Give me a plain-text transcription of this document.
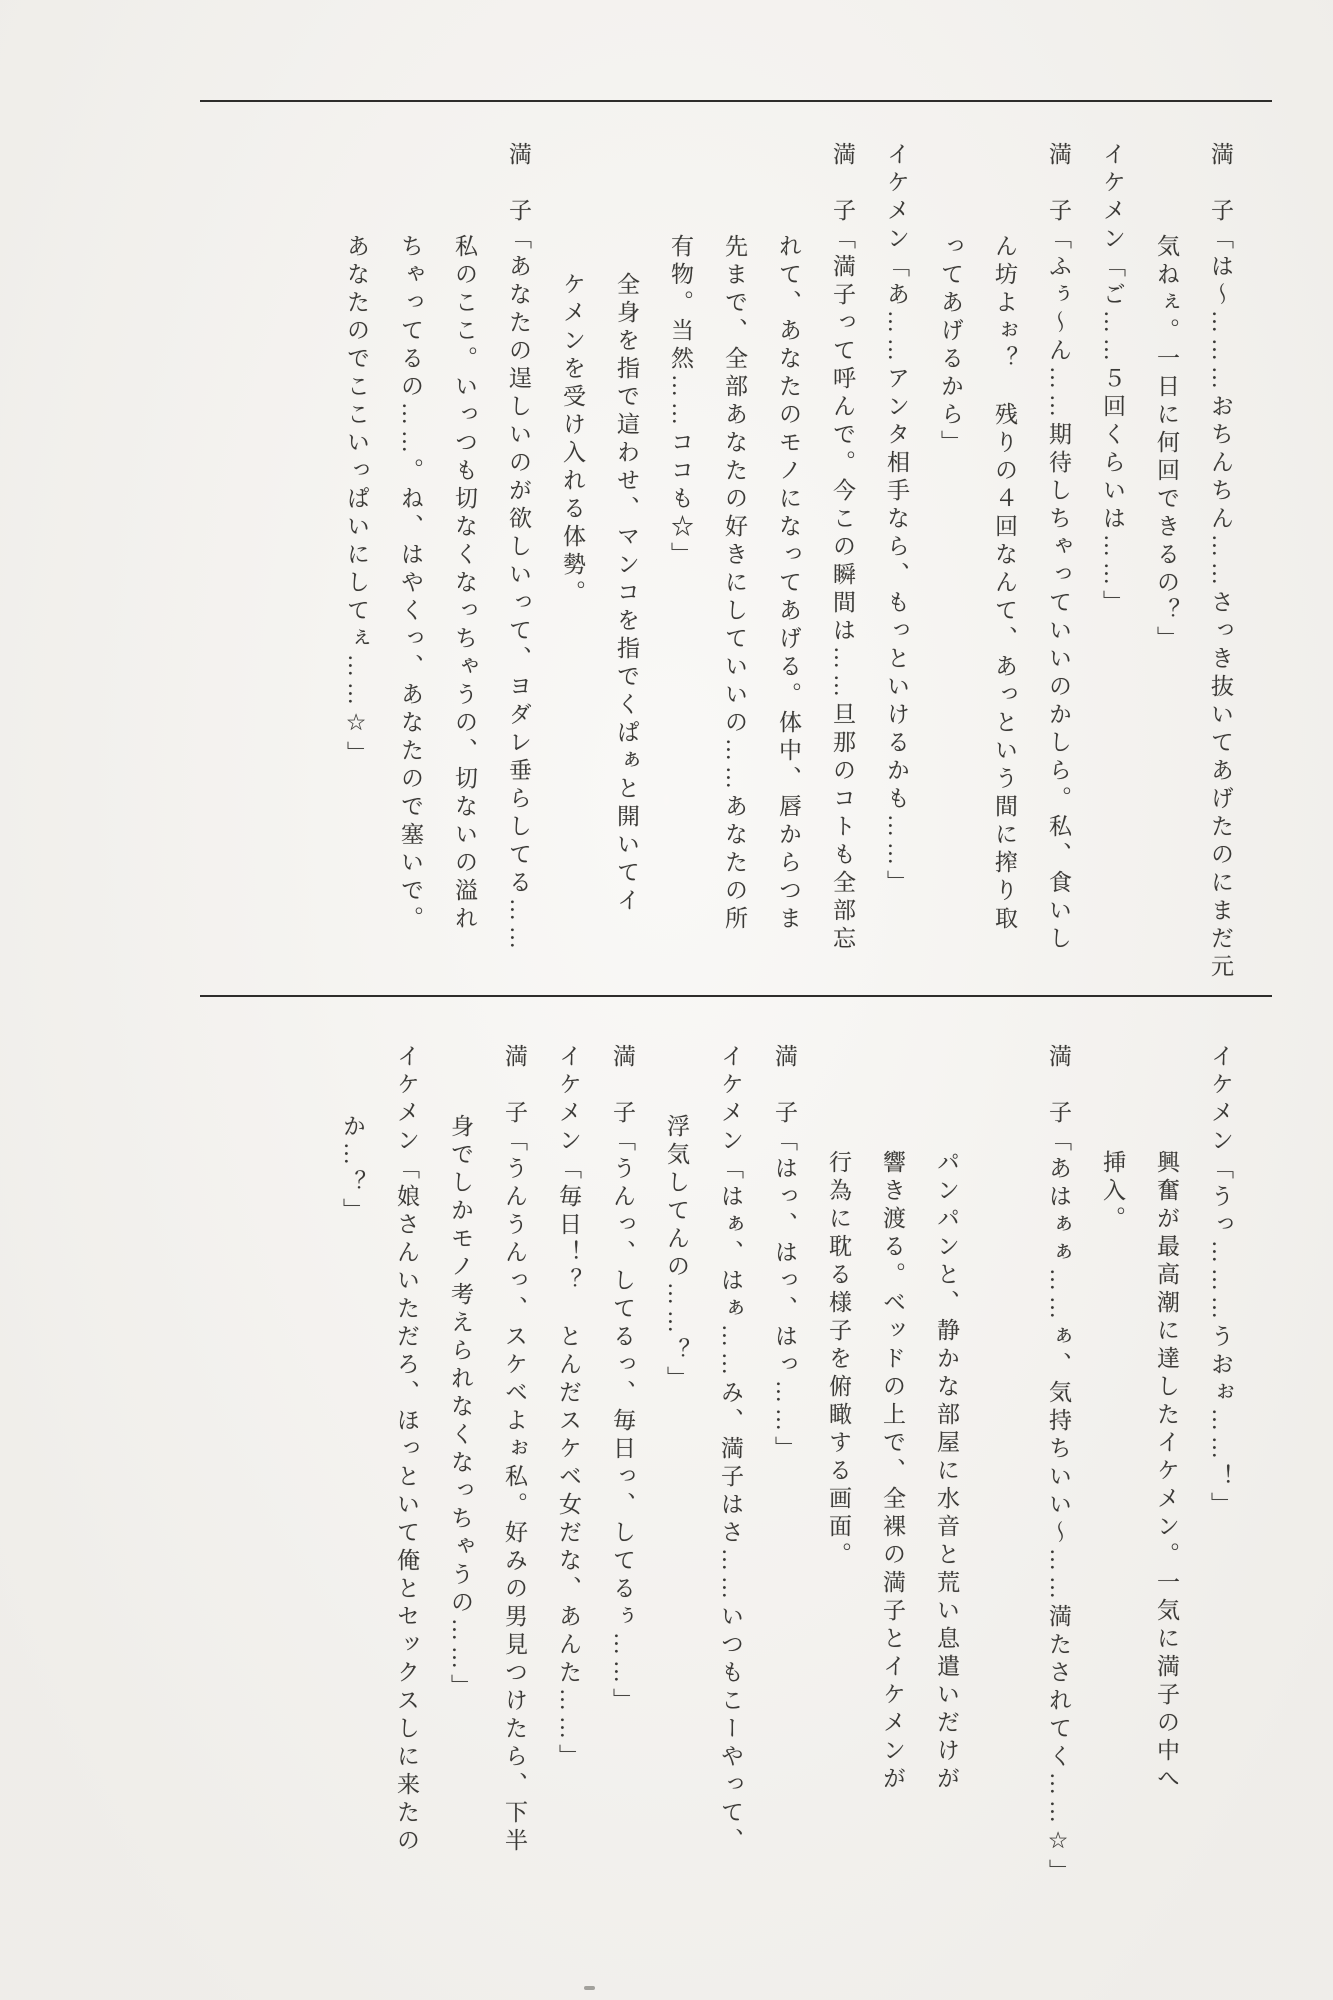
満　子「は～………おちんちん……さっき抜いてあげたのにまだ元
気ねぇ。一日に何回できるの？」
イケメン「ご……５回くらいは……」
満　子「ふぅ～ん……期待しちゃっていいのかしら。私、食いし
ん坊よぉ？　残りの４回なんて、あっという間に搾り取
ってあげるから」
イケメン「あ……アンタ相手なら、もっといけるかも……」
満　子「満子って呼んで。今この瞬間は……旦那のコトも全部忘
れて、あなたのモノになってあげる。体中、唇からつま
先まで、全部あなたの好きにしていいの……あなたの所
有物。当然……ココも☆」
全身を指で這わせ、マンコを指でくぱぁと開いてイ
ケメンを受け入れる体勢。
満　子「あなたの逞しいのが欲しいって、ヨダレ垂らしてる……
私のここ。いっつも切なくなっちゃうの、切ないの溢れ
ちゃってるの……。ね、はやくっ、あなたので塞いで。
あなたのでここいっぱいにしてぇ……☆」
イケメン「うっ………うおぉ……！」
興奮が最高潮に達したイケメン。一気に満子の中へ
挿入。
満　子「あはぁぁ……ぁ、気持ちいい～……満たされてく……☆」
パンパンと、静かな部屋に水音と荒い息遣いだけが
響き渡る。ベッドの上で、全裸の満子とイケメンが
行為に耽る様子を俯瞰する画面。
満　子「はっ、はっ、はっ……」
イケメン「はぁ、はぁ……み、満子はさ……いつもこーやって、
浮気してんの……？」
満　子「うんっ、してるっ、毎日っ、してるぅ……」
イケメン「毎日！？　とんだスケベ女だな、あんた……」
満　子「うんうんっ、スケベよぉ私。好みの男見つけたら、下半
身でしかモノ考えられなくなっちゃうの……」
イケメン「娘さんいただろ、ほっといて俺とセックスしに来たの
か…？」
